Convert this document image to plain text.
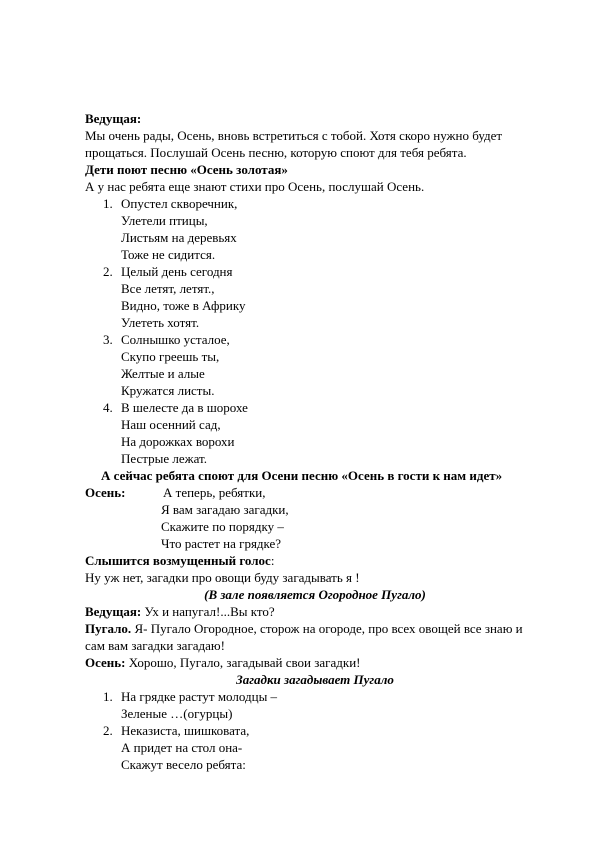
Ведущая:

Мы очень рады, Осень, вновь встретиться с тобой. Хотя скоро нужно будет

прощаться. Послушай Осень песню, которую споют для тебя ребята.

Дети поют песню «Осень золотая»

А у нас ребята еще знают стихи про Осень, послушай Осень.

1. Опустел скворечник,

Улетели птицы,

Листьям на деревьях

Тоже не сидится.

2. Целый день сегодня

Все летят, летят.,

Видно, тоже в Африку

Улететь хотят.

3. Солнышко усталое,

Скупо греешь ты,

Желтые и алые

Кружатся листы.

4. В шелесте да в шорохе

Наш осенний сад,

На дорожках ворохи

Пестрые лежат.

А сейчас ребята споют для Осени песню «Осень в гости к нам идет»

Осень:	А теперь, ребятки,

Я вам загадаю загадки,

Скажите по порядку –

Что растет на грядке?

Слышится возмущенный голос:

Ну уж нет, загадки про овощи буду загадывать я !

(В зале появляется Огородное Пугало)

Ведущая: Ух и напугал!...Вы кто?

Пугало. Я- Пугало Огородное, сторож на огороде, про всех овощей все знаю и

сам вам загадки загадаю!

Осень: Хорошо, Пугало, загадывай свои загадки!

Загадки загадывает Пугало

1. На грядке растут молодцы –

Зеленые …(огурцы)

2. Неказиста, шишковата,

А придет на стол она-

Скажут весело ребята:
